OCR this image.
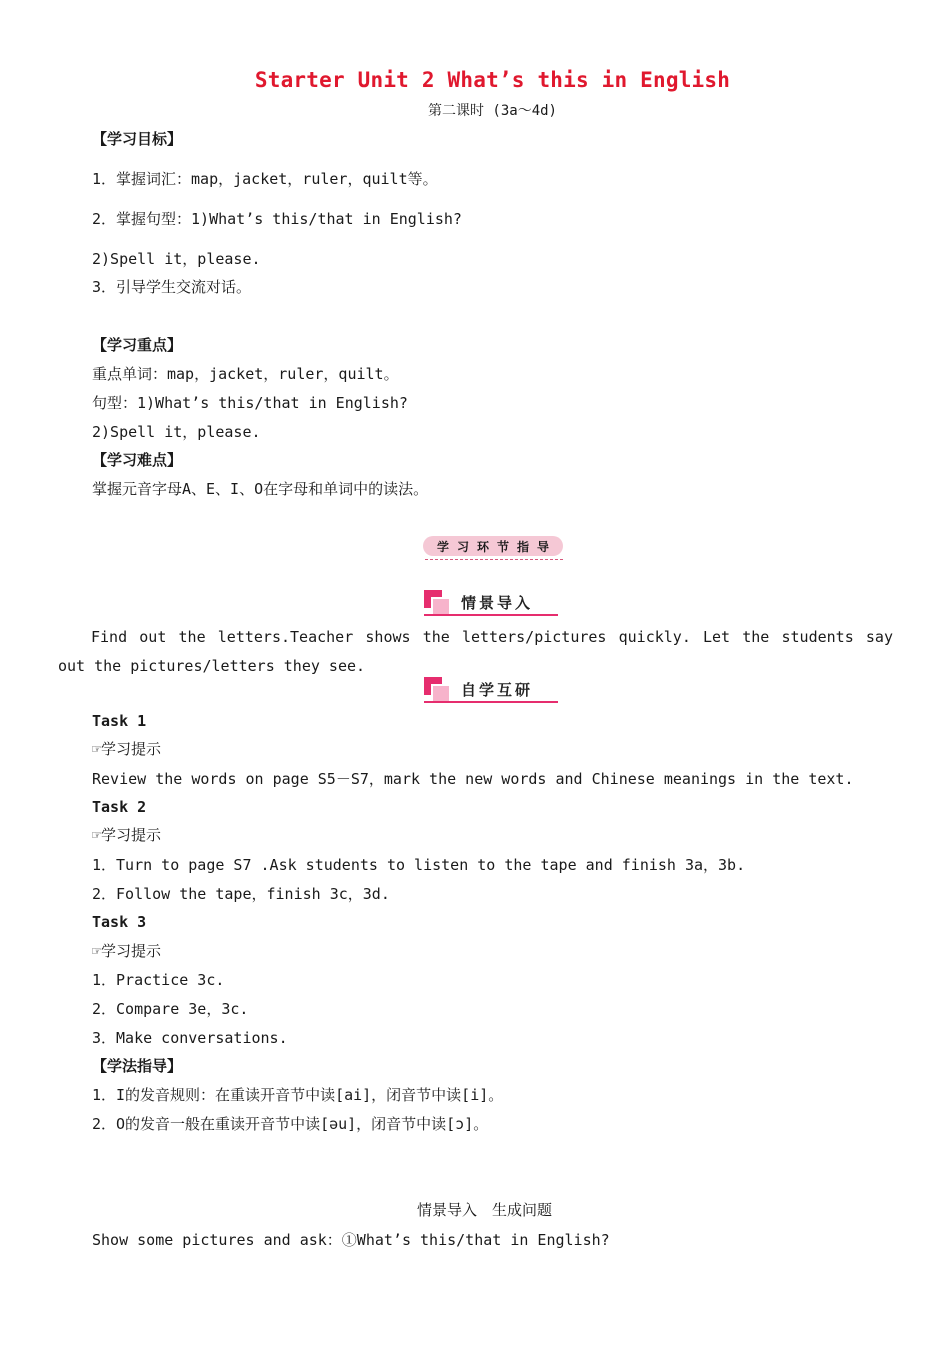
Starter Unit 2 What’s this in English
第二课时 (3a～4d)
【学习目标】
1．掌握词汇：map，jacket，ruler，quilt等。
2．掌握句型：1)What’s this/that in English?
2)Spell it，please.
3．引导学生交流对话。
【学习重点】
重点单词：map，jacket，ruler，quilt。
句型：1)What’s this/that in English?
2)Spell it，please.
【学习难点】
掌握元音字母A、E、I、O在字母和单词中的读法。
学 习 环 节 指 导
情景导入
Find out the letters.Teacher shows the letters/pictures quickly. Let the students say out the pictures/letters they see.
自学互研
Task 1
☞学习提示
Review the words on page S5－S7，mark the new words and Chinese meanings in the text.
Task 2
☞学习提示
1．Turn to page S7 .Ask students to listen to the tape and finish 3a，3b.
2．Follow the tape，finish 3c，3d.
Task 3
☞学习提示
1．Practice 3c.
2．Compare 3e，3c.
3．Make conversations.
【学法指导】
1．I的发音规则：在重读开音节中读[ai]，闭音节中读[i]。
2．O的发音一般在重读开音节中读[əu]，闭音节中读[ɔ]。
情景导入　生成问题
Show some pictures and ask：①What’s this/that in English?
